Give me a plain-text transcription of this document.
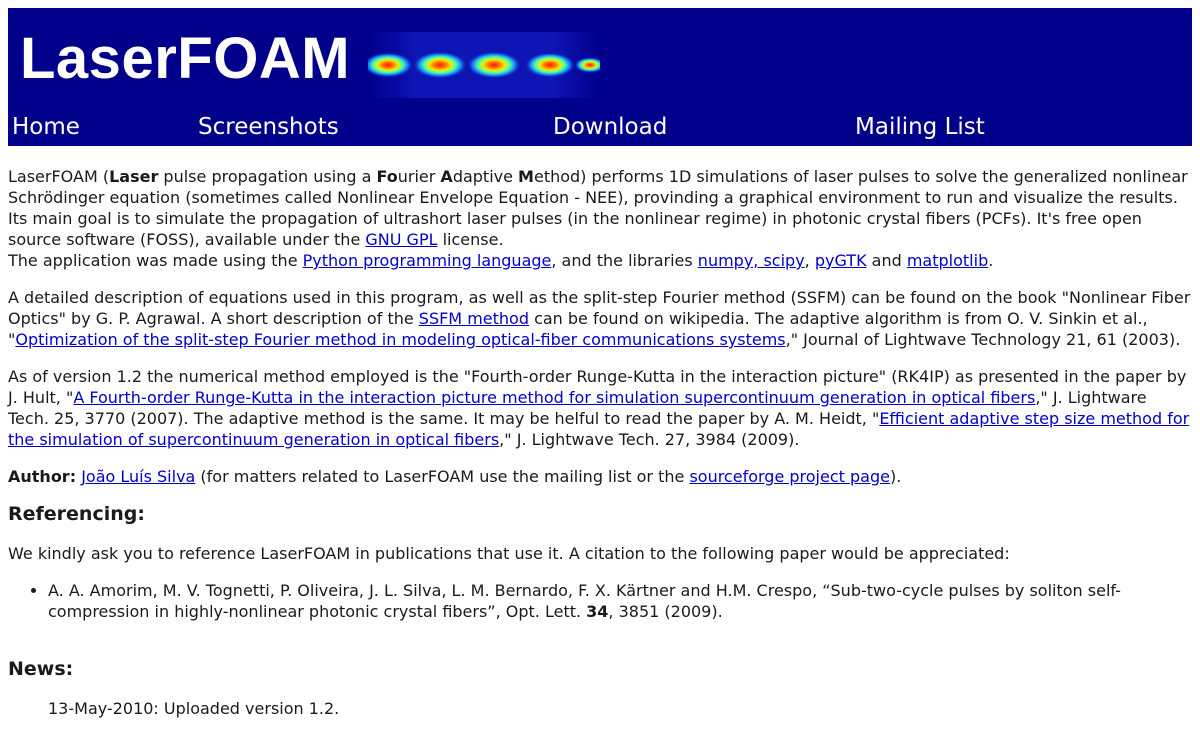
LaserFOAM
Home	Screenshots	Download	Mailing List

LaserFOAM (Laser pulse propagation using a Fourier Adaptive Method) performs 1D simulations of laser pulses to solve the generalized nonlinear Schrödinger equation (sometimes called Nonlinear Envelope Equation - NEE), provinding a graphical environment to run and visualize the results. Its main goal is to simulate the propagation of ultrashort laser pulses (in the nonlinear regime) in photonic crystal fibers (PCFs). It's free open source software (FOSS), available under the GNU GPL license.
The application was made using the Python programming language, and the libraries numpy, scipy, pyGTK and matplotlib.

A detailed description of equations used in this program, as well as the split-step Fourier method (SSFM) can be found on the book "Nonlinear Fiber Optics" by G. P. Agrawal. A short description of the SSFM method can be found on wikipedia. The adaptive algorithm is from O. V. Sinkin et al., "Optimization of the split-step Fourier method in modeling optical-fiber communications systems," Journal of Lightwave Technology 21, 61 (2003).

As of version 1.2 the numerical method employed is the "Fourth-order Runge-Kutta in the interaction picture" (RK4IP) as presented in the paper by J. Hult, "A Fourth-order Runge-Kutta in the interaction picture method for simulation supercontinuum generation in optical fibers," J. Lightware Tech. 25, 3770 (2007). The adaptive method is the same. It may be helful to read the paper by A. M. Heidt, "Efficient adaptive step size method for the simulation of supercontinuum generation in optical fibers," J. Lightwave Tech. 27, 3984 (2009).

Author: João Luís Silva (for matters related to LaserFOAM use the mailing list or the sourceforge project page).

Referencing:

We kindly ask you to reference LaserFOAM in publications that use it. A citation to the following paper would be appreciated:

• A. A. Amorim, M. V. Tognetti, P. Oliveira, J. L. Silva, L. M. Bernardo, F. X. Kärtner and H.M. Crespo, “Sub-two-cycle pulses by soliton self-compression in highly-nonlinear photonic crystal fibers”, Opt. Lett. 34, 3851 (2009).
News:
13-May-2010: Uploaded version 1.2.
